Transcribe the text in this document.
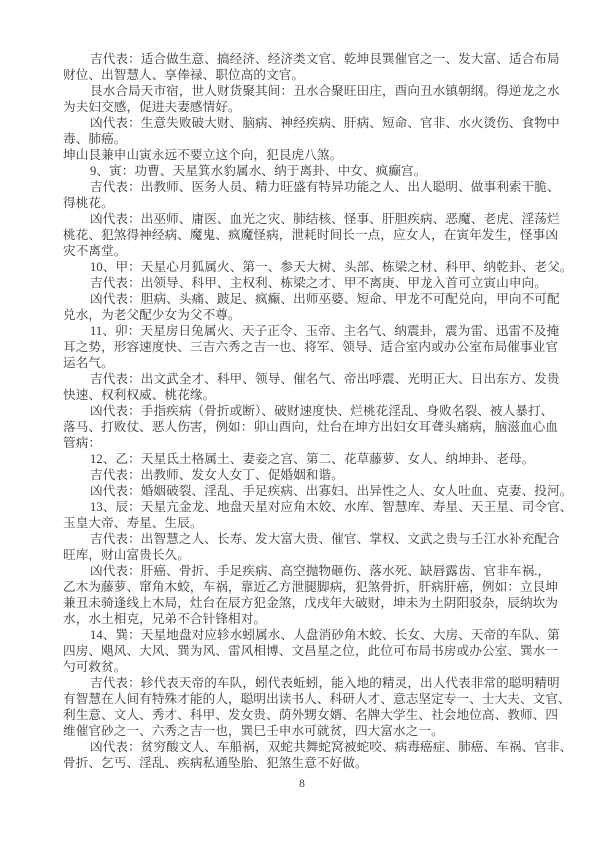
吉代表：适合做生意、搞经济、经济类文官、乾坤艮巽催官之一、发大富、适合布局
财位、出智慧人、享俸禄、职位高的文官。
艮水合局天市宿，世人财货聚其间：丑水合聚旺田庄，酉向丑水镇朝纲。得逆龙之水
为夫妇交感，促进夫妻感情好。
凶代表：生意失败破大财、脑病、神经疾病、肝病、短命、官非、水火烫伤、食物中
毒、肺癌。
坤山艮兼申山寅永远不要立这个向，犯艮虎八煞。
9、寅：功曹、天星箕水豹属水、纳于离卦、中女、疯癫宫。
吉代表：出教师、医务人员、精力旺盛有特异功能之人、出人聪明、做事利索干脆、
得桃花。
凶代表：出巫师、庸医、血光之灾、肺结核、怪事、肝胆疾病、恶魔、老虎、淫荡烂
桃花、犯煞得神经病、魔鬼、疯魔怪病，泄耗时间长一点，应女人，在寅年发生，怪事凶
灾不离堂。
10、甲：天星心月狐属火、第一、参天大树、头部、栋梁之材、科甲、纳乾卦、老父。
吉代表：出领导、科甲、主权利、栋梁之才、甲不离庚、甲龙入首可立寅山申向。
凶代表：胆病、头痛、跛足、疯癫、出师巫婆、短命、甲龙不可配兑向，甲向不可配
兑水，为老父配少女为父不尊。
11、卯：天星房日兔属火、天子正令、玉帝、主名气、纳震卦，震为雷、迅雷不及掩
耳之势，形容速度快、三吉六秀之吉一也、将军、领导、适合室内或办公室布局催事业官
运名气。
吉代表：出文武全才、科甲、领导、催名气、帝出呼震、光明正大、日出东方、发贵
快速、权利权威、桃花缘。
凶代表：手指疾病（骨折或断）、破财速度快、烂桃花淫乱、身败名裂、被人暴打、
落马、打败仗、恶人伤害，例如：卯山酉向，灶台在坤方出妇女耳聋头痛病，脑滋血心血
管病：
12、乙：天星氐土格属土、妻妾之宫、第二、花草藤萝、女人、纳坤卦、老母。
吉代表：出教师、发女人女丁、促婚姻和谐。
凶代表：婚姻破裂、淫乱、手足疾病、出寡妇、出异性之人、女人吐血、克妻、投河。
13、辰：天星亢金龙、地盘天星对应角木姣、水库、智慧库、寿星、天王星、司令官、
玉皇大帝、寿星、生辰。
吉代表：出智慧之人、长寿、发大富大贵、催官、掌权、文武之贵与壬江水补充配合
旺库，财山富贵长久。
凶代表：肝癌、骨折、手足疾病、高空抛物砸伤、落水死、缺唇露齿、官非车祸.，
乙木为藤萝、窜角木蛟，车祸，靠近乙方泄腿脚病，犯煞骨折，肝病肝癌，例如：立艮坤
兼丑未骑逢线上木局，灶台在辰方犯金煞，戊戌年大破财，坤未为土阴阳驳杂，辰纳坎为
水，水土相克，兄弟不合针锋相对。
14、巽：天星地盘对应轸水蚓属水、人盘消砂角木蛟、长女、大房、天帝的车队、第
四房、飓风、大风、巽为风、雷风相博、文昌星之位，此位可布局书房或办公室、巽水一
勺可救贫。
吉代表：轸代表天帝的车队，蚓代表蚯蚓，能入地的精灵，出人代表非常的聪明精明
有智慧在人间有特殊才能的人，聪明出读书人、科研人才、意志坚定专一、士大夫、文官、
利生意、文人、秀才、科甲、发女贵、荫外甥女婿、名牌大学生、社会地位高、教师、四
维催官砂之一、六秀之吉一也，巽巳壬申水可就贫，四大富水之一。
凶代表：贫穷酸文人、车船祸，双蛇共舞蛇窝被蛇咬、病毒癌症、肺癌、车祸、官非、
骨折、乞丐、淫乱、疾病私通坠胎、犯煞生意不好做。
8
